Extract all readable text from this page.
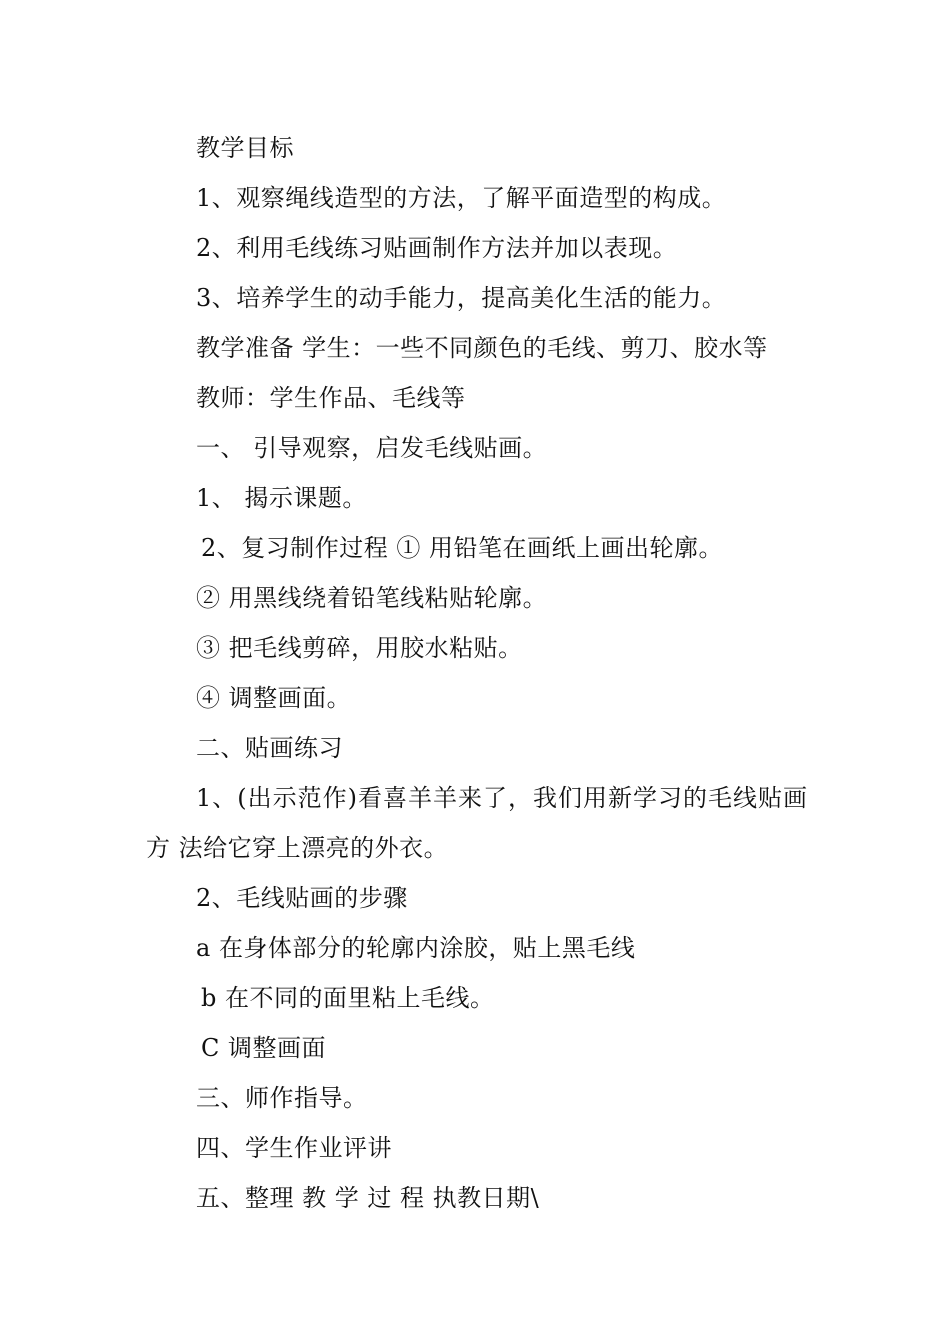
教学目标
1、观察绳线造型的方法，了解平面造型的构成。
2、利用毛线练习贴画制作方法并加以表现。
3、培养学生的动手能力，提高美化生活的能力。
教学准备 学生：一些不同颜色的毛线、剪刀、胶水等
教师：学生作品、毛线等
一、 引导观察，启发毛线贴画。
1、 揭示课题。
2、复习制作过程 ① 用铅笔在画纸上画出轮廓。
② 用黑线绕着铅笔线粘贴轮廓。
③ 把毛线剪碎，用胶水粘贴。
④ 调整画面。
二、贴画练习
1、(出示范作)看喜羊羊来了，我们用新学习的毛线贴画
方 法给它穿上漂亮的外衣。
2、毛线贴画的步骤
a 在身体部分的轮廓内涂胶，贴上黑毛线
b 在不同的面里粘上毛线。
C 调整画面
三、师作指导。
四、学生作业评讲
五、整理 教 学 过 程 执教日期\
